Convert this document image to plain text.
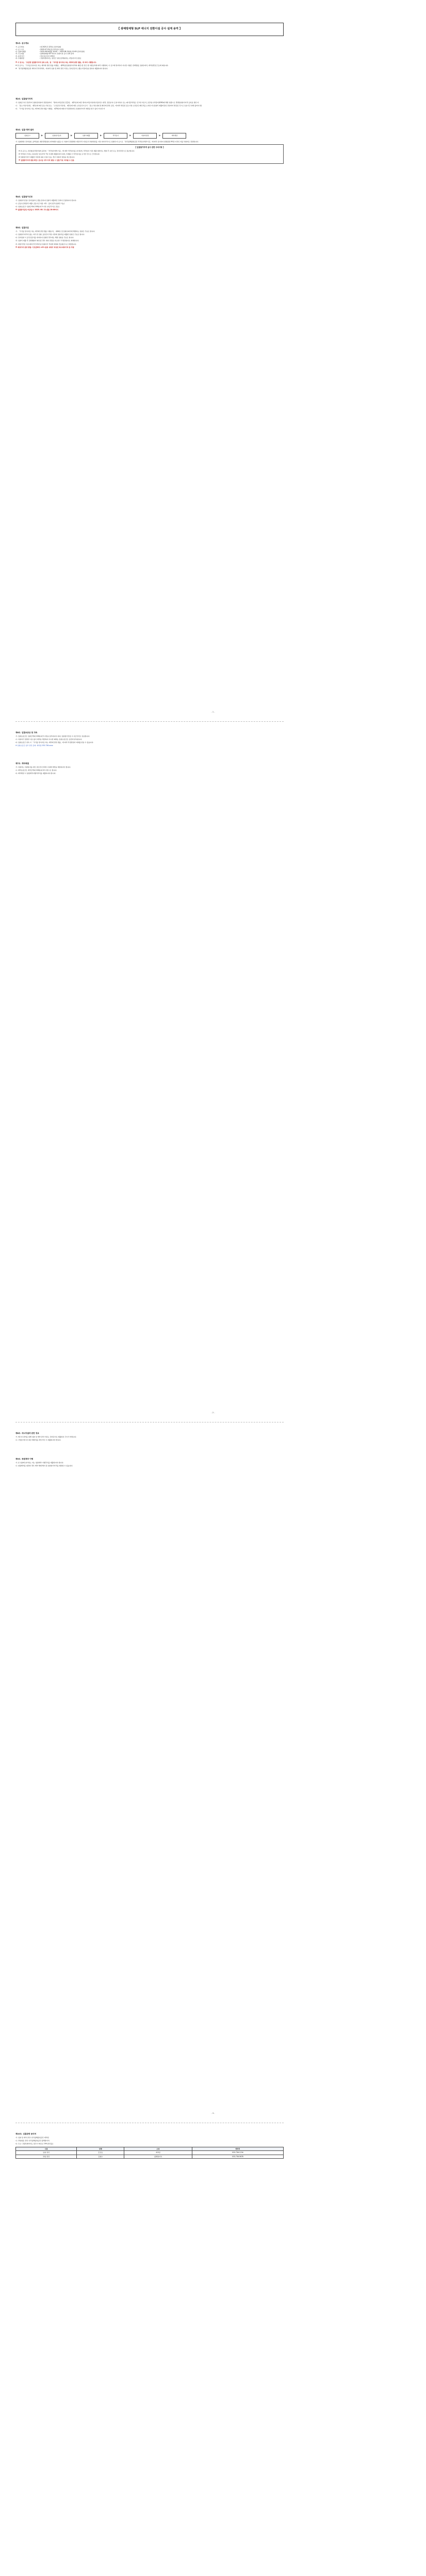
【 광해방제형 SLP 에너지 전환이설 공사 설계 용역 】
제1조. 공고개요
가. 공고번호	: 제 2025-2-123호 (전자입찰)
나. 공 고 일	: 2025.07.25(금) (적격심사 대상)
다. 입찰서제출	: 2025.08.04(월) 10:00 ~ 2025.08.12(화) 10:00 (전자입찰)
라. 주요내용	: 광해방제형 SLP 에너지 전환이설 공사 설계 용역
마. 용역기간	: 착수일로부터 150일
바. 수행현장	: 강원특별자치도 정선군 일원 (상세위치는 과업지시서 참조)
※ 이 공고는 「조달청 입찰참가자격 등록 규정」및 「국가를 당사자로 하는 계약에 관한 법률」에 따라 시행합니다.
※ 본 공고는 「국가를 당사자로 하는 계약에 관한 법률 시행령」 제33조(입찰참가자격의 제한) 및 같은 법 시행규칙에 따라 시행하며, 이 공고에 명시되지 아니한 사항은 관계법령, 입찰유의서, 계약일반조건 등에 따릅니다.
※ 「한국광해광업공단 계약사무처리세칙」에 따라 입찰 및 계약 관련 서류는 전자조달시스템(누리장터)을 통하여 제출하여야 합니다.
제2조. 입찰참가자격
가. 입찰공고일 전일부터 입찰일(낙찰자 결정일)까지 「엔지니어링산업 진흥법」 제21조에 따른 엔지니어링사업자(기술부문: 환경, 전문분야: 토양·지하수 또는 폐기물처리)로 신고한 자로서, 조달청 나라장터(G2B)에 해당 업종으로 경쟁입찰참가자격 등록을 필한 자
나. 「중소기업기본법」 제2조에 따른 중소기업 또는 「소상공인기본법」 제2조에 따른 소상공인으로서 「중소기업 범위 및 확인에 관한 규정」에 따라 발급된 중소기업·소상공인 확인서를 소지한 자 (입찰서 제출마감일 전일까지 발급된 것으로 유효기간 내에 있어야 함)
다. 「국가를 당사자로 하는 계약에 관한 법률 시행령」 제76조에 의하여 부정당업자로 입찰참가자격 제한을 받고 있지 아니한 자
제3조. 입찰·계약 절차
입찰공고	▶	입찰참가등록	▶	입찰서제출	▶	적격심사	▶	낙찰자결정	▶	계약체결
가. 입찰방법: 전자입찰, 총액입찰, 제한경쟁입찰 (지역제한: 없음) 나. 낙찰자 결정방법: 예정가격 이하로서 낙찰하한율 이상 최저가격으로 입찰한 자 순으로 「한국광해광업공단 적격심사세부기준」에 따라 심사하여 종합평점 95점 이상인 자를 낙찰자로 결정합니다.
【 입찰참가자격 심사 관련 주의사항 】
※ 본 공고는 조달청(나라장터)와 공단의 「적격심사세부기준」에 따라 적격심사를 실시하며, 적격심사 서류 제출 대상자는 개찰 후 유선 또는 전자우편으로 통보합니다.
※ 적격심사 서류는 통보받은 날로부터 7일 이내에 제출하여야 하며, 미제출 시 적격심사를 포기한 것으로 간주합니다.
※ 입찰참가자가 제출한 서류에 허위 사실이 있는 경우 낙찰자 결정을 취소합니다.
※ 입찰참가자격 변동 확인: 공고일 이후 자격 변동 시 입찰 무효 처리될 수 있음
제4조. 입찰참가신청
가. 입찰참가신청: 전자입찰시스템을 통하여 입찰서 제출마감 전까지 신청하여야 합니다.
나. 공동수급협정서 제출: 공동수급 허용 여부 - 불허 (단독입찰만 가능)
다. 입찰보증금: 입찰금액의 100분의 5 이상 (지급각서로 갈음)
※ 입찰참가등록 마감일시: 2025. 08. 11.(월) 18:00까지
제5조. 입찰무효
가. 「국가를 당사자로 하는 계약에 관한 법률 시행규칙」 제44조 및 입찰유의서에 해당하는 입찰은 무효로 합니다.
나. 입찰참가자격이 없는 자가 한 입찰, 동일인이 2통 이상의 입찰서를 제출한 입찰은 무효로 합니다.
다. 전자입찰 시 공인인증서를 대여하여 입찰한 경우에는 해당 입찰을 무효로 합니다.
라. 입찰서 제출 후 담합행위가 확인된 경우 낙찰 결정을 취소하고 부정당업자로 제재합니다.
마. 예정가격은 복수예비가격 15개 중 입찰자가 추첨한 4개의 산술평균으로 결정합니다.
※ 예정가격 결정 방법: 기초금액의 ±2% 범위 내에서 작성된 복수예비가격 중 추첨
- 1 -
제6조. 입찰보증금 및 귀속
가. 입찰보증금은 입찰금액의 100분의 5 이상을 납부하여야 하며, 입찰참가신청 시 지급각서로 갈음합니다.
나. 낙찰자가 정당한 이유 없이 계약을 체결하지 아니한 때에는 입찰보증금은 공단에 귀속됩니다.
다. 입찰보증금 귀속 시 「국가를 당사자로 하는 계약에 관한 법률」에 따라 부정당업자 제재를 받을 수 있습니다.
※ 입찰보증금 납부 관련 문의: 계약팀 033-736-xxxx
제7조. 계약체결
가. 낙찰자는 낙찰통지를 받은 날로부터 10일 이내에 계약을 체결하여야 합니다.
나. 계약보증금은 계약금액의 100분의 10 이상으로 합니다.
다. 계약체결 시 청렴계약이행서약서를 제출하여야 합니다.
- 2 -
제8조. 에너지절약 관련 정보
가. 에너지 절약을 위해 입찰 및 계약 관련 서류는 전자문서로 제출하여 주시기 바랍니다.
나. 사업장 에너지 절감 계획서를 과업 착수 시 제출하여야 합니다.
제9조. 청렴계약 이행
가. 본 입찰에 참가하는 자는 청렴계약 이행각서를 제출하여야 합니다.
나. 청렴계약을 위반한 경우 계약 해제·해지 및 입찰참가자격을 제한할 수 있습니다.
- 3 -
제10조. 입찰관련 문의처
가. 입찰 및 계약 관련: 한국광해광업공단 계약팀
나. 과업내용 관련: 한국광해광업공단 광해방지처
다. 주소: 강원특별자치도 원주시 혁신로 199 (반곡동)
구분	성명	소속	연락처
입찰 관련	홍길동	계약팀	033-736-1234
과업 관련	김철수	광해방지처	033-736-5678
